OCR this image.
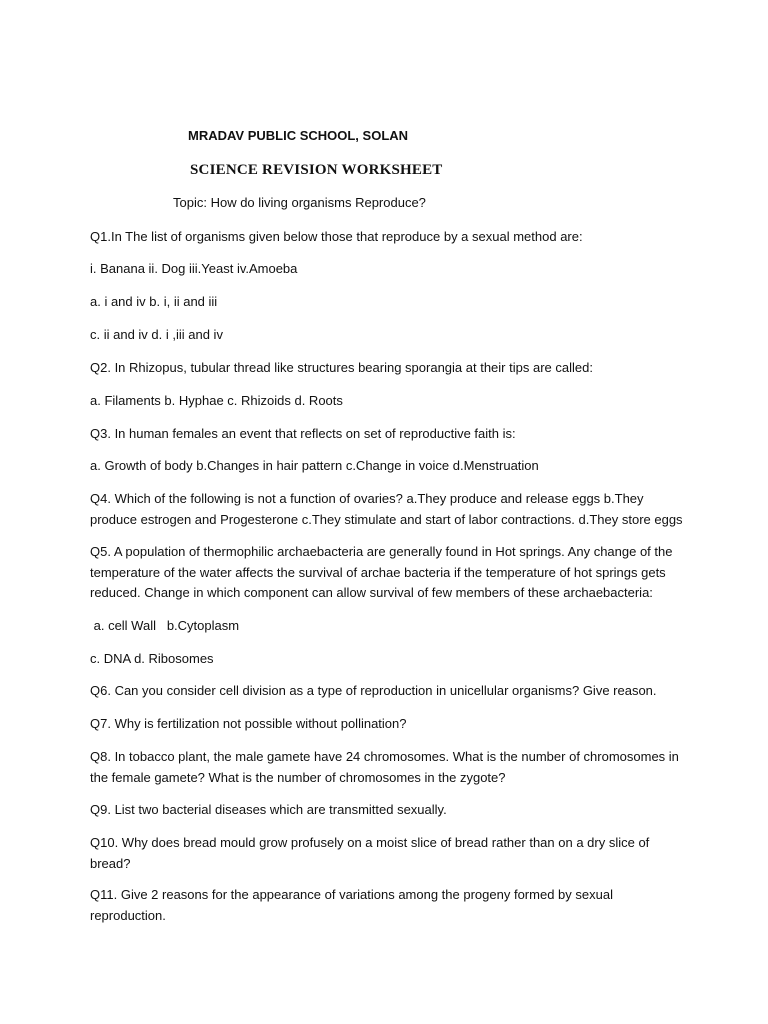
MRADAV PUBLIC SCHOOL, SOLAN
SCIENCE REVISION WORKSHEET
Topic: How do living organisms Reproduce?
Q1.In The list of organisms given below those that reproduce by a sexual method are:
i. Banana ii. Dog iii.Yeast iv.Amoeba
a. i and iv b. i, ii and iii
c. ii and iv d. i ,iii and iv
Q2. In Rhizopus, tubular thread like structures bearing sporangia at their tips are called:
a. Filaments b. Hyphae c. Rhizoids d. Roots
Q3. In human females an event that reflects on set of reproductive faith is:
a. Growth of body b.Changes in hair pattern c.Change in voice d.Menstruation
Q4. Which of the following is not a function of ovaries? a.They produce and release eggs b.They produce estrogen and Progesterone c.They stimulate and start of labor contractions. d.They store eggs
Q5. A population of thermophilic archaebacteria are generally found in Hot springs. Any change of the temperature of the water affects the survival of archae bacteria if the temperature of hot springs gets reduced. Change in which component can allow survival of few members of these archaebacteria:
a. cell Wall   b.Cytoplasm
c. DNA d. Ribosomes
Q6. Can you consider cell division as a type of reproduction in unicellular organisms? Give reason.
Q7. Why is fertilization not possible without pollination?
Q8. In tobacco plant, the male gamete have 24 chromosomes. What is the number of chromosomes in the female gamete? What is the number of chromosomes in the zygote?
Q9. List two bacterial diseases which are transmitted sexually.
Q10. Why does bread mould grow profusely on a moist slice of bread rather than on a dry slice of bread?
Q11. Give 2 reasons for the appearance of variations among the progeny formed by sexual reproduction.
